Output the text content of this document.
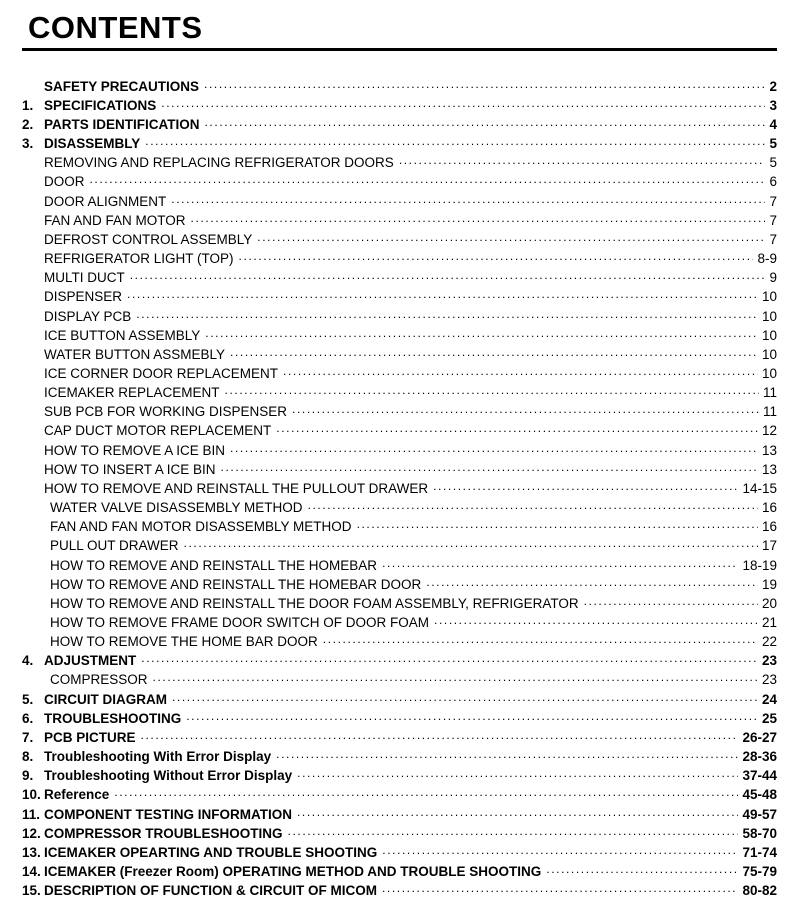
CONTENTS
SAFETY PRECAUTIONS .....	2
1. SPECIFICATIONS .....	3
2. PARTS IDENTIFICATION .....	4
3. DISASSEMBLY .....	5
REMOVING AND REPLACING REFRIGERATOR DOORS .....	5
DOOR .....	6
DOOR ALIGNMENT .....	7
FAN AND FAN MOTOR .....	7
DEFROST CONTROL ASSEMBLY .....	7
REFRIGERATOR LIGHT (TOP) .....	8-9
MULTI DUCT .....	9
DISPENSER .....	10
DISPLAY PCB .....	10
ICE BUTTON ASSEMBLY .....	10
WATER BUTTON ASSMEBLY .....	10
ICE CORNER DOOR REPLACEMENT .....	10
ICEMAKER REPLACEMENT .....	11
SUB PCB FOR WORKING DISPENSER .....	11
CAP DUCT MOTOR REPLACEMENT .....	12
HOW TO REMOVE A ICE BIN .....	13
HOW TO INSERT A ICE BIN .....	13
HOW TO REMOVE AND REINSTALL THE PULLOUT DRAWER .....	14-15
WATER VALVE DISASSEMBLY METHOD .....	16
FAN AND FAN MOTOR DISASSEMBLY METHOD .....	16
PULL OUT DRAWER .....	17
HOW TO REMOVE AND REINSTALL THE HOMEBAR .....	18-19
HOW TO REMOVE AND REINSTALL THE HOMEBAR DOOR .....	19
HOW TO REMOVE AND REINSTALL THE DOOR FOAM ASSEMBLY, REFRIGERATOR .....	20
HOW TO REMOVE FRAME DOOR SWITCH OF DOOR FOAM .....	21
HOW TO REMOVE THE HOME BAR DOOR .....	22
4. ADJUSTMENT .....	23
COMPRESSOR .....	23
5. CIRCUIT DIAGRAM .....	24
6. TROUBLESHOOTING .....	25
7. PCB PICTURE .....	26-27
8. Troubleshooting With Error Display .....	28-36
9. Troubleshooting Without Error Display .....	37-44
10. Reference .....	45-48
11. COMPONENT TESTING INFORMATION .....	49-57
12. COMPRESSOR TROUBLESHOOTING .....	58-70
13. ICEMAKER OPEARTING AND TROUBLE SHOOTING .....	71-74
14. ICEMAKER (Freezer Room) OPERATING METHOD AND TROUBLE SHOOTING .....	75-79
15. DESCRIPTION OF FUNCTION & CIRCUIT OF MICOM .....	80-82
